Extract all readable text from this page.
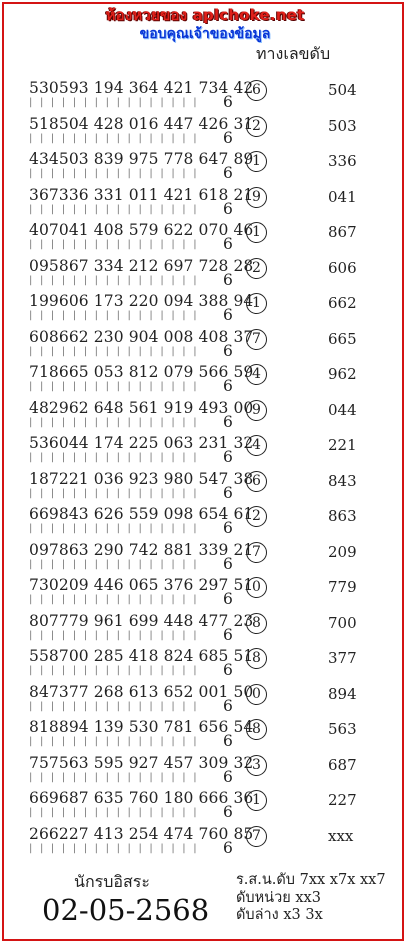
ห้องหวยของ aplchoke.net
ขอบคุณเจ้าของข้อมูล
ทางเลขดับ
530593 194 364 421 734 42
| | | | | | | | | | | | | | | | 6
6	504
518504 428 016 447 426 31
| | | | | | | | | | | | | | | | 6
2	503
434503 839 975 778 647 89
| | | | | | | | | | | | | | | | 6
1	336
367336 331 011 421 618 21
| | | | | | | | | | | | | | | | 6
9	041
407041 408 579 622 070 46
| | | | | | | | | | | | | | | | 6
1	867
095867 334 212 697 728 28
| | | | | | | | | | | | | | | | 6
2	606
199606 173 220 094 388 94
| | | | | | | | | | | | | | | | 6
1	662
608662 230 904 008 408 37
| | | | | | | | | | | | | | | | 6
7	665
718665 053 812 079 566 59
| | | | | | | | | | | | | | | | 6
4	962
482962 648 561 919 493 00
| | | | | | | | | | | | | | | | 6
9	044
536044 174 225 063 231 32
| | | | | | | | | | | | | | | | 6
4	221
187221 036 923 980 547 38
| | | | | | | | | | | | | | | | 6
6	843
669843 626 559 098 654 61
| | | | | | | | | | | | | | | | 6
2	863
097863 290 742 881 339 21
| | | | | | | | | | | | | | | | 6
7	209
730209 446 065 376 297 51
| | | | | | | | | | | | | | | | 6
0	779
807779 961 699 448 477 23
| | | | | | | | | | | | | | | | 6
8	700
558700 285 418 824 685 51
| | | | | | | | | | | | | | | | 6
8	377
847377 268 613 652 001 50
| | | | | | | | | | | | | | | | 6
0	894
818894 139 530 781 656 54
| | | | | | | | | | | | | | | | 6
8	563
757563 595 927 457 309 32
| | | | | | | | | | | | | | | | 6
3	687
669687 635 760 180 666 36
| | | | | | | | | | | | | | | | 6
1	227
266227 413 254 474 760 85
| | | | | | | | | | | | | | | | 6
7	xxx
นักรบอิสระ
02-05-2568
ร.ส.น.ดับ 7xx x7x xx7
ดับหน่วย xx3
ดับล่าง x3 3x
